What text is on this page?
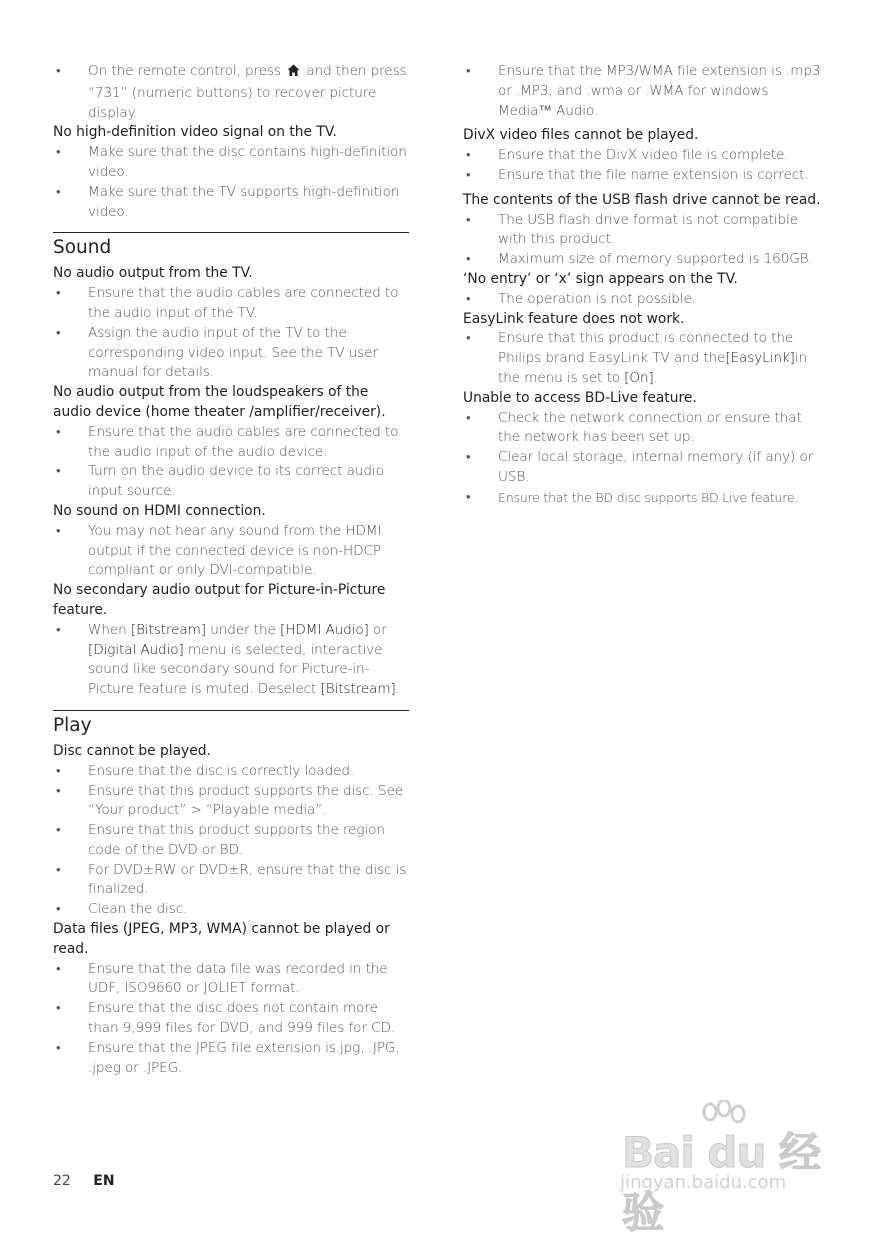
• On the remote control, press  and then press “731” (numeric buttons) to recover picture display.
No high-definition video signal on the TV.
• Make sure that the disc contains high-definition video.
• Make sure that the TV supports high-definition video.
Sound
No audio output from the TV.
• Ensure that the audio cables are connected to the audio input of the TV.
• Assign the audio input of the TV to the corresponding video input. See the TV user manual for details.
No audio output from the loudspeakers of the audio device (home theater /amplifier/receiver).
• Ensure that the audio cables are connected to the audio input of the audio device.
• Turn on the audio device to its correct audio input source.
No sound on HDMI connection.
• You may not hear any sound from the HDMI output if the connected device is non-HDCP compliant or only DVI-compatible.
No secondary audio output for Picture-in-Picture feature.
• When [Bitstream] under the [HDMI Audio] or [Digital Audio] menu is selected, interactive sound like secondary sound for Picture-in-Picture feature is muted. Deselect [Bitstream].
Play
Disc cannot be played.
• Ensure that the disc is correctly loaded.
• Ensure that this product supports the disc. See “Your product” > “Playable media”.
• Ensure that this product supports the region code of the DVD or BD.
• For DVD±RW or DVD±R, ensure that the disc is finalized.
• Clean the disc.
Data files (JPEG, MP3, WMA) cannot be played or read.
• Ensure that the data file was recorded in the UDF, ISO9660 or JOLIET format.
• Ensure that the disc does not contain more than 9,999 files for DVD, and 999 files for CD.
• Ensure that the JPEG file extension is.jpg, .JPG, .jpeg or .JPEG.
• Ensure that the MP3/WMA file extension is .mp3 or .MP3, and .wma or .WMA for windows Media™ Audio.
DivX video files cannot be played.
• Ensure that the DivX video file is complete.
• Ensure that the file name extension is correct.
The contents of the USB flash drive cannot be read.
• The USB flash drive format is not compatible with this product.
• Maximum size of memory supported is 160GB.
‘No entry’ or ‘x’ sign appears on the TV.
• The operation is not possible.
EasyLink feature does not work.
• Ensure that this product is connected to the Philips brand EasyLink TV and the[EasyLink]in the menu is set to [On].
Unable to access BD-Live feature.
• Check the network connection or ensure that the network has been set up.
• Clear local storage, internal memory (if any) or USB.
• Ensure that the BD disc supports BD Live feature.
22 EN
Bai du 经验
jingyan.baidu.com
